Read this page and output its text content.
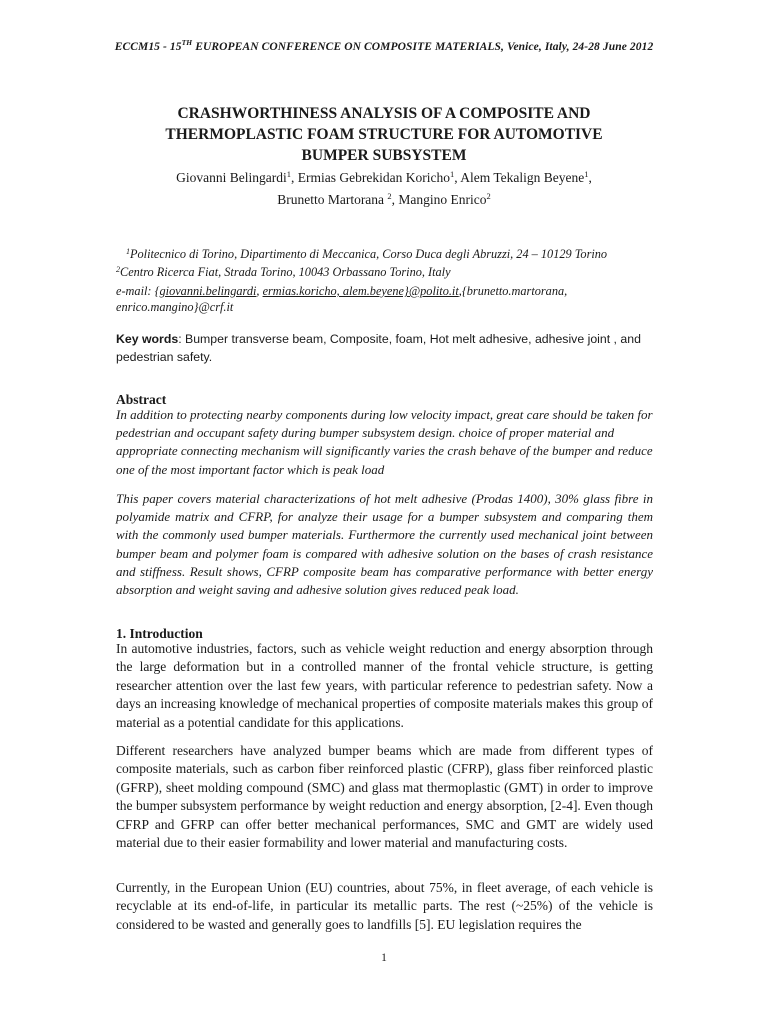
ECCM15 - 15TH EUROPEAN CONFERENCE ON COMPOSITE MATERIALS, Venice, Italy, 24-28 June 2012
CRASHWORTHINESS ANALYSIS OF A COMPOSITE AND
THERMOPLASTIC FOAM STRUCTURE FOR AUTOMOTIVE
BUMPER SUBSYSTEM
Giovanni Belingardi$^1$, Ermias Gebrekidan Koricho$^1$, Alem Tekalign Beyene$^1$,
Brunetto Martorana $^2$, Mangino Enrico$^2$
$^1$Politecnico di Torino, Dipartimento di Meccanica, Corso Duca degli Abruzzi, 24 – 10129 Torino
$^2$Centro Ricerca Fiat, Strada Torino, 10043 Orbassano Torino, Italy
e-mail: {giovanni.belingardi, ermias.koricho, alem.beyene}@polito.it,{brunetto.martorana,
enrico.mangino}@crf.it
Key words: Bumper transverse beam, Composite, foam, Hot melt adhesive, adhesive joint , and pedestrian safety.
Abstract
In addition to protecting nearby components during low velocity impact, great care should be taken for pedestrian and occupant safety during bumper subsystem design. choice of proper material and appropriate connecting mechanism will significantly varies the crash behave of the bumper and reduce one of the most important factor which is peak load
This paper covers material characterizations of hot melt adhesive (Prodas 1400), 30% glass fibre in polyamide matrix and CFRP, for analyze their usage for a bumper subsystem and comparing them with the commonly used bumper materials. Furthermore the currently used mechanical joint between bumper beam and polymer foam is compared with adhesive solution on the bases of crash resistance and stiffness. Result shows, CFRP composite beam has comparative performance with better energy absorption and weight saving and adhesive solution gives reduced peak load.
1. Introduction
In automotive industries, factors, such as vehicle weight reduction and energy absorption through the large deformation but in a controlled manner of the frontal vehicle structure, is getting researcher attention over the last few years, with particular reference to pedestrian safety. Now a days an increasing knowledge of mechanical properties of composite materials makes this group of material as a potential candidate for this applications.
Different researchers have analyzed bumper beams which are made from different types of composite materials, such as carbon fiber reinforced plastic (CFRP), glass fiber reinforced plastic (GFRP), sheet molding compound (SMC) and glass mat thermoplastic (GMT) in order to improve the bumper subsystem performance by weight reduction and energy absorption, [2-4]. Even though CFRP and GFRP can offer better mechanical performances, SMC and GMT are widely used material due to their easier formability and lower material and manufacturing costs.
Currently, in the European Union (EU) countries, about 75%, in fleet average, of each vehicle is recyclable at its end-of-life, in particular its metallic parts. The rest (~25%) of the vehicle is considered to be wasted and generally goes to landfills [5]. EU legislation requires the
1
